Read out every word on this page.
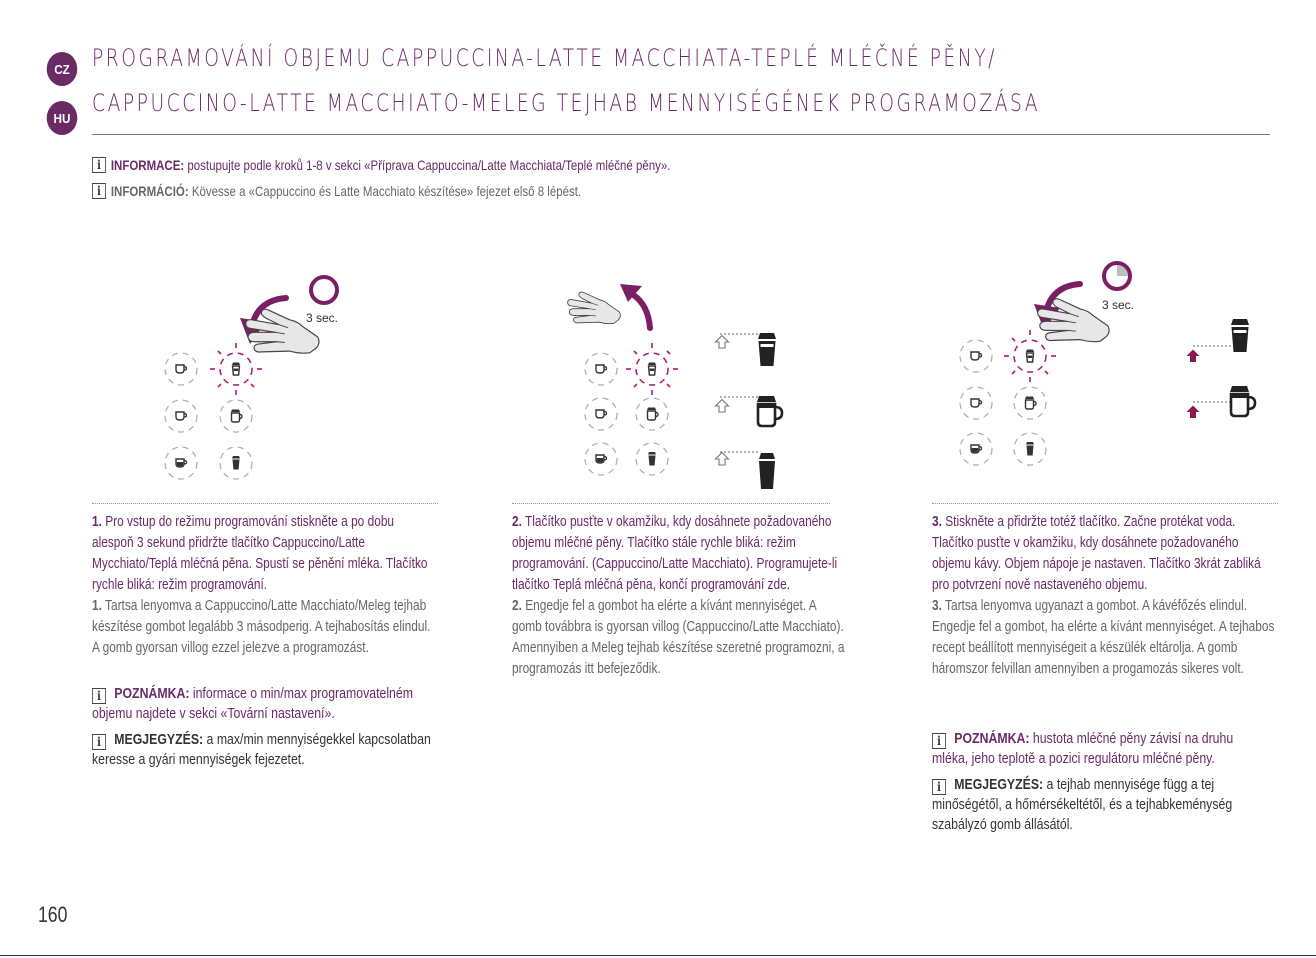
CZ
HU
PROGRAMOVÁNÍ OBJEMU CAPPUCCINA-LATTE MACCHIATA-TEPLÉ MLÉČNÉ PĚNY/
CAPPUCCINO-LATTE MACCHIATO-MELEG TEJHAB MENNYISÉGÉNEK PROGRAMOZÁSA
i INFORMACE:
postupujte podle kroků 1-8 v sekci «Příprava Cappuccina/Latte Macchiata/Teplé mléčné pěny».
i INFORMÁCIÓ:
Kövesse a «Cappuccino és Latte Macchiato készítése» fejezet első 8 lépést.
3 sec.
3 sec.

1. Pro vstup do režimu programování stiskněte a po dobu alespoň 3 sekund přidržte tlačítko Cappuccino/Latte Mycchiato/Teplá mléčná pěna. Spustí se pěnění mléka. Tlačítko rychle bliká: režim programování.

1. Tartsa lenyomva a Cappuccino/Latte Macchiato/Meleg tejhab készítése gombot legalább 3 másodperig. A tejhabosítás elindul. A gomb gyorsan villog ezzel jelezve a programozást.

2. Tlačítko pusťte v okamžiku, kdy dosáhnete požadovaného objemu mléčné pěny. Tlačítko stále rychle bliká: režim programování. (Cappuccino/Latte Macchiato). Programujete-li tlačítko Teplá mléčná pěna, končí programování zde.

2. Engedje fel a gombot ha elérte a kívánt mennyiséget. A gomb továbbra is gyorsan villog (Cappuccino/Latte Macchiato). Amennyiben a Meleg tejhab készítése szeretné programozni, a programozás itt befejeződik.

3. Stiskněte a přidržte totéž tlačítko. Začne protékat voda. Tlačítko pusťte v okamžiku, kdy dosáhnete požadovaného objemu kávy. Objem nápoje je nastaven. Tlačítko 3krát zabliká pro potvrzení nově nastaveného objemu.

3. Tartsa lenyomva ugyanazt a gombot. A kávéfőzés elindul. Engedje fel a gombot, ha elérte a kívánt mennyiséget. A tejhabos recept beállított mennyiségeit a készülék eltárolja. A gomb háromszor felvillan amennyiben a progamozás sikeres volt.

i POZNÁMKA: informace o min/max programovatelném
objemu najdete v sekci «Tovární nastavení».
i MEGJEGYZÉS: a max/min mennyiségekkel kapcsolatban
keresse a gyári mennyiségek fejezetet.
i POZNÁMKA: hustota mléčné pěny závisí na druhu
mléka, jeho teplotě a pozici regulátoru mléčné pěny.
i MEGJEGYZÉS: a tejhab mennyisége függ a tej
minőségétől, a hőmérsékeltétől, és a tejhabkeménység
szabályzó gomb állásától.
160
